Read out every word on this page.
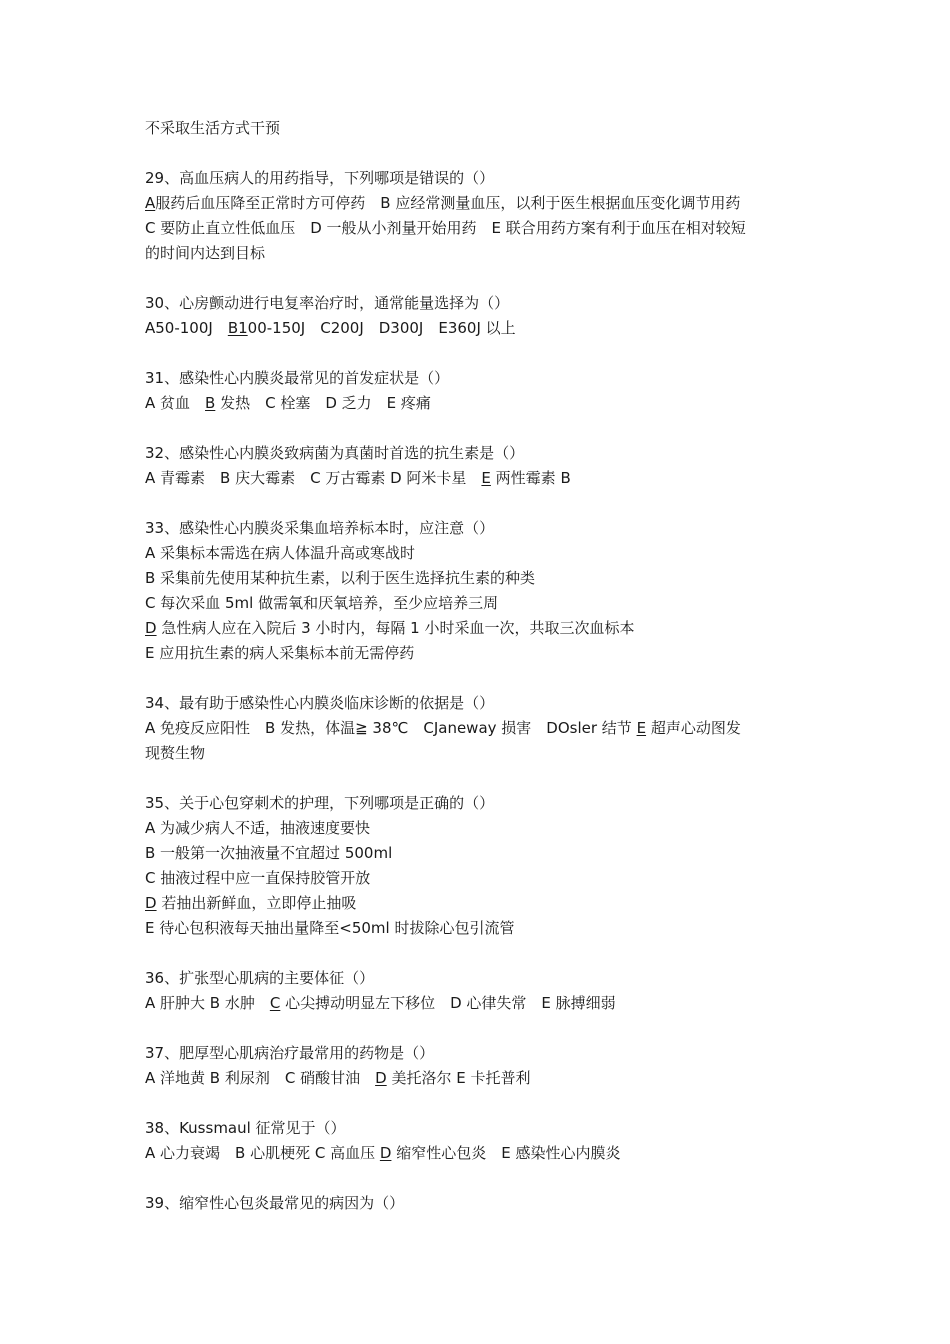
不采取生活方式干预

29、高血压病人的用药指导，下列哪项是错误的（）

A服药后血压降至正常时方可停药　B 应经常测量血压，以利于医生根据血压变化调节用药

C 要防止直立性低血压　D 一般从小剂量开始用药　E 联合用药方案有利于血压在相对较短

的时间内达到目标

30、心房颤动进行电复率治疗时，通常能量选择为（）

A50-100J　B100-150J　C200J　D300J　E360J 以上

31、感染性心内膜炎最常见的首发症状是（）

A 贫血　B 发热　C 栓塞　D 乏力　E 疼痛

32、感染性心内膜炎致病菌为真菌时首选的抗生素是（）

A 青霉素　B 庆大霉素　C 万古霉素 D 阿米卡星　E 两性霉素 B

33、感染性心内膜炎采集血培养标本时，应注意（）

A 采集标本需选在病人体温升高或寒战时

B 采集前先使用某种抗生素，以利于医生选择抗生素的种类

C 每次采血 5ml 做需氧和厌氧培养，至少应培养三周

D 急性病人应在入院后 3 小时内，每隔 1 小时采血一次，共取三次血标本

E 应用抗生素的病人采集标本前无需停药

34、最有助于感染性心内膜炎临床诊断的依据是（）

A 免疫反应阳性　B 发热，体温≧ 38℃　CJaneway 损害　DOsler 结节 E 超声心动图发

现赘生物

35、关于心包穿刺术的护理，下列哪项是正确的（）

A 为减少病人不适，抽液速度要快

B 一般第一次抽液量不宜超过 500ml

C 抽液过程中应一直保持胶管开放

D 若抽出新鲜血，立即停止抽吸

E 待心包积液每天抽出量降至<50ml 时拔除心包引流管

36、扩张型心肌病的主要体征（）

A 肝肿大 B 水肿　C 心尖搏动明显左下移位　D 心律失常　E 脉搏细弱

37、肥厚型心肌病治疗最常用的药物是（）

A 洋地黄 B 利尿剂　C 硝酸甘油　D 美托洛尔 E 卡托普利

38、Kussmaul 征常见于（）

A 心力衰竭　B 心肌梗死 C 高血压 D 缩窄性心包炎　E 感染性心内膜炎

39、缩窄性心包炎最常见的病因为（）
